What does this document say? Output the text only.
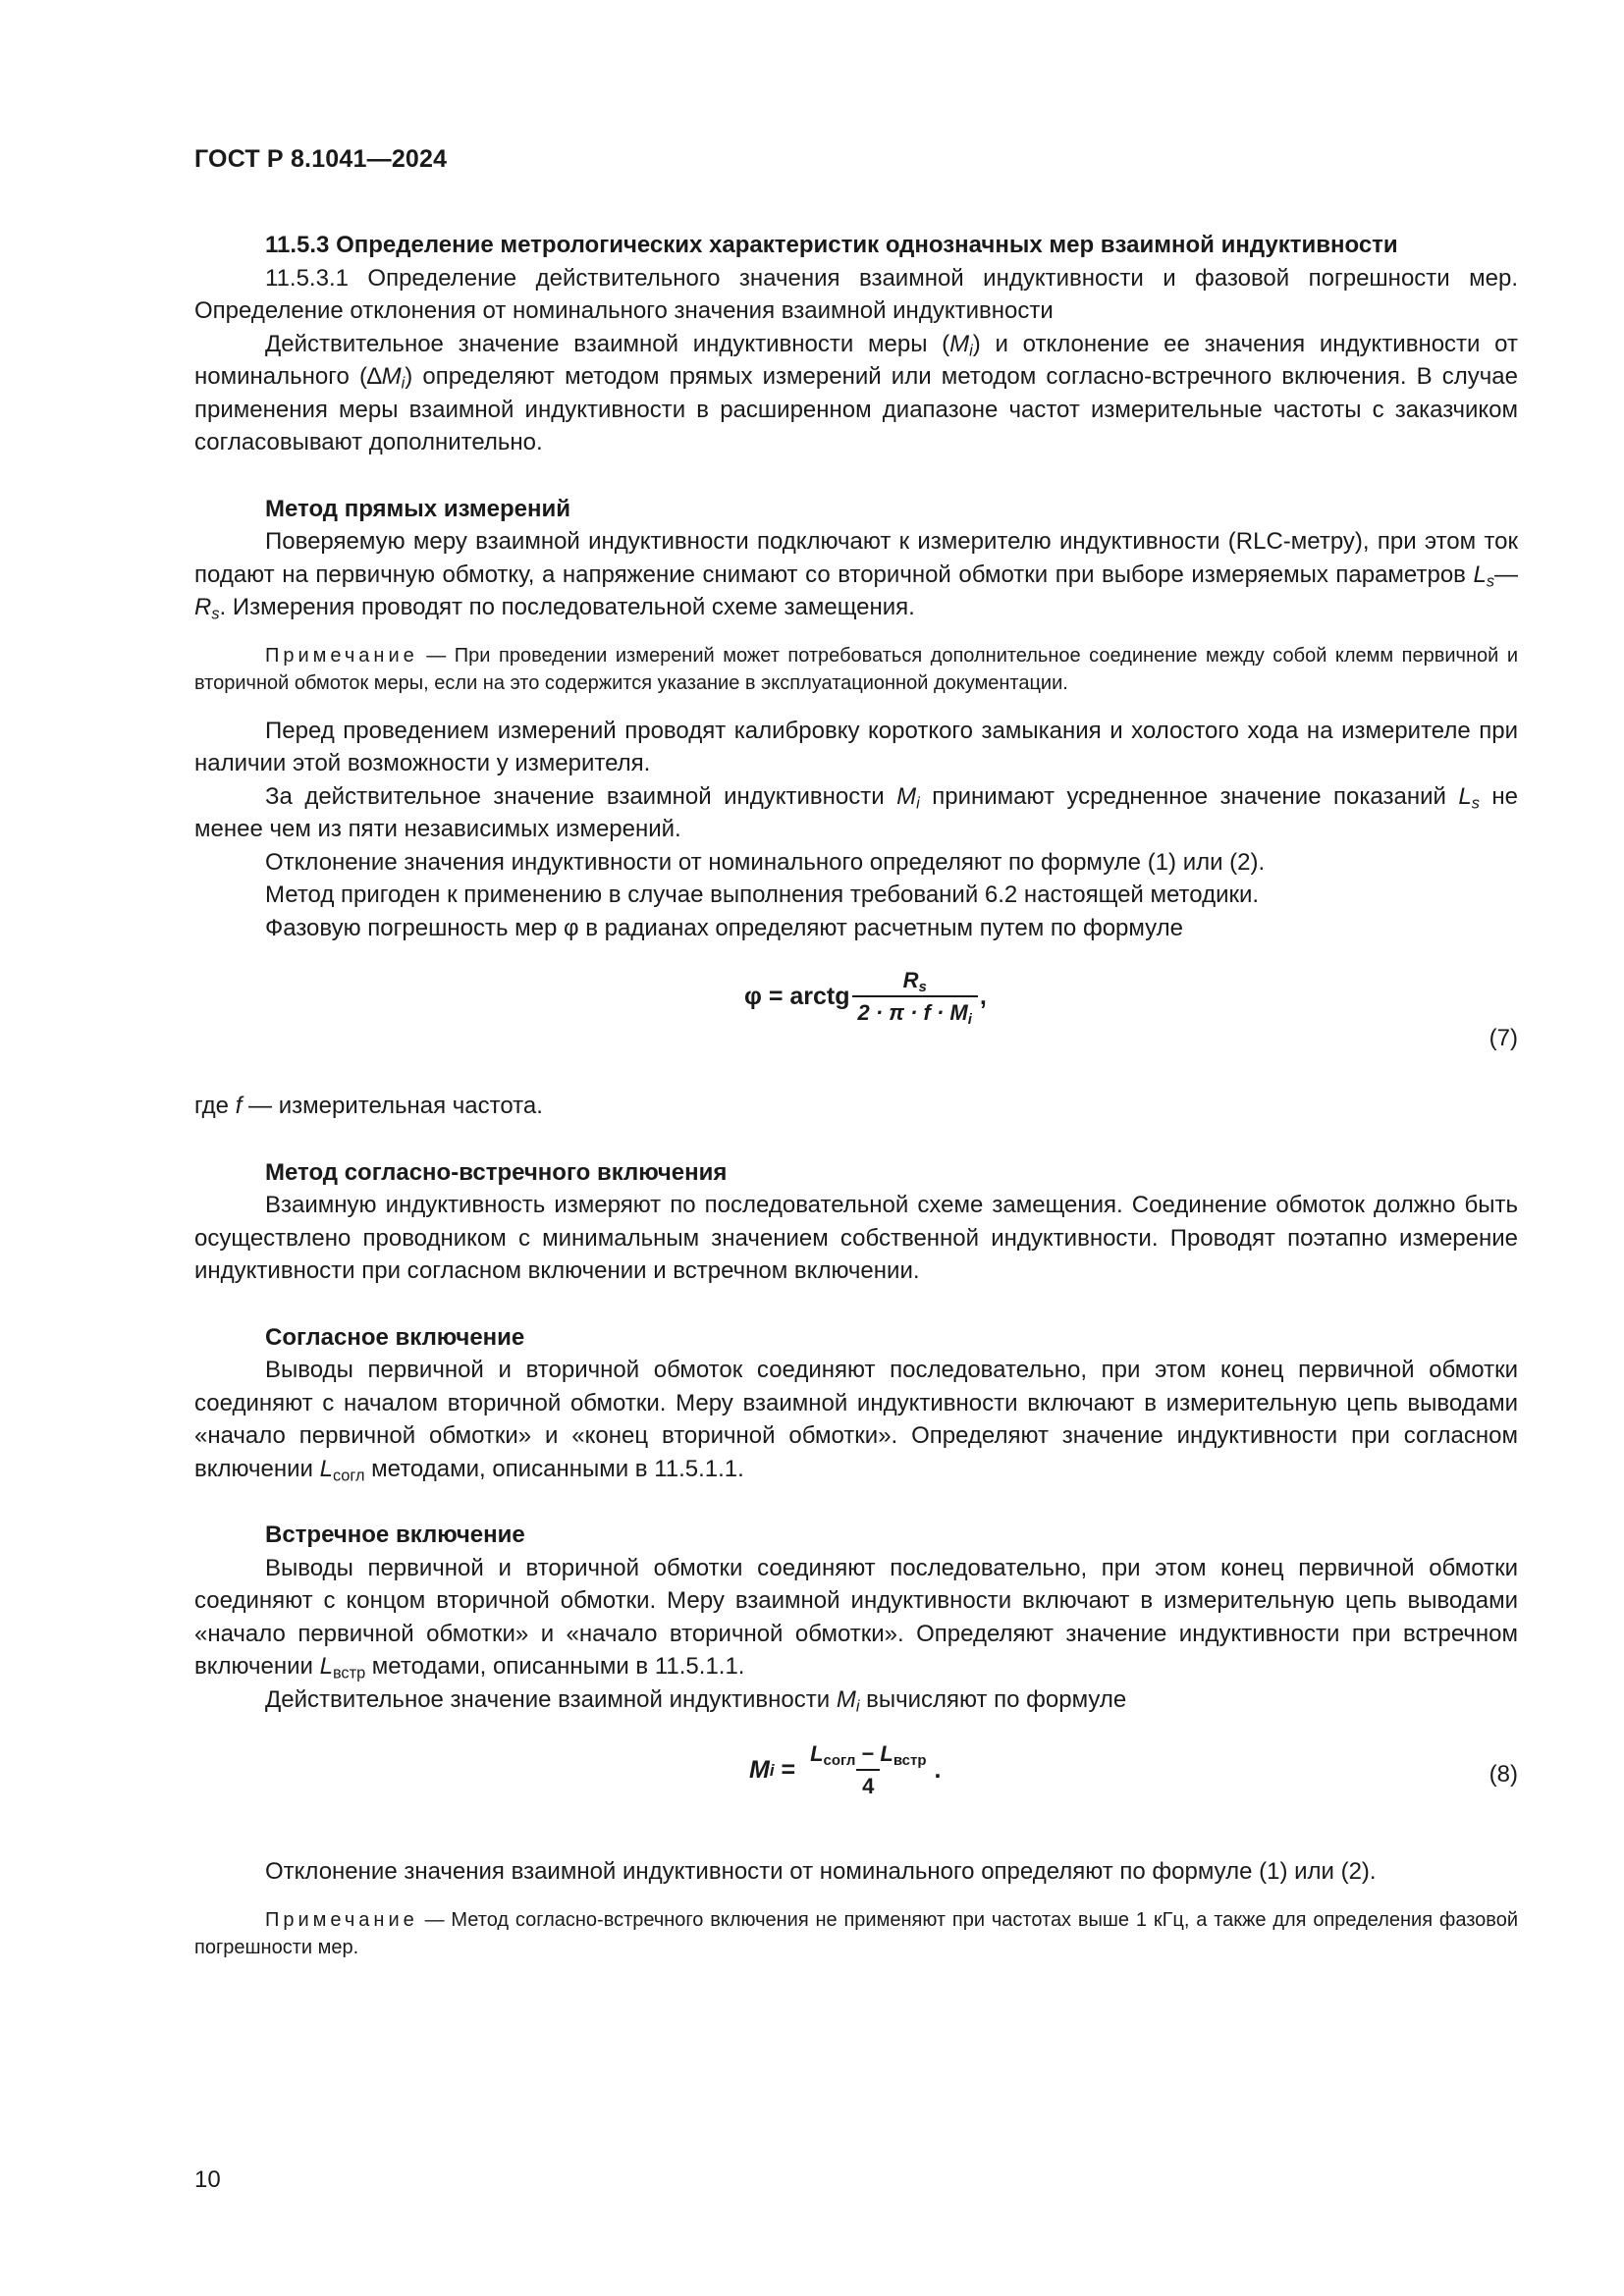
ГОСТ Р 8.1041—2024

11.5.3 Определение метрологических характеристик однозначных мер взаимной индуктивности

11.5.3.1 Определение действительного значения взаимной индуктивности и фазовой погрешности мер. Определение отклонения от номинального значения взаимной индуктивности

Действительное значение взаимной индуктивности меры $(M_i)$ и отклонение ее значения индуктивности от номинального $(\Delta M_i)$ определяют методом прямых измерений или методом согласно-встречного включения. В случае применения меры взаимной индуктивности в расширенном диапазоне частот измерительные частоты с заказчиком согласовывают дополнительно.

Метод прямых измерений

Поверяемую меру взаимной индуктивности подключают к измерителю индуктивности (RLC-метру), при этом ток подают на первичную обмотку, а напряжение снимают со вторичной обмотки при выборе измеряемых параметров $L_s—R_s$. Измерения проводят по последовательной схеме замещения.

Примечание — При проведении измерений может потребоваться дополнительное соединение между собой клемм первичной и вторичной обмоток меры, если на это содержится указание в эксплуатационной документации.

Перед проведением измерений проводят калибровку короткого замыкания и холостого хода на измерителе при наличии этой возможности у измерителя.

За действительное значение взаимной индуктивности $M_i$ принимают усредненное значение показаний $L_s$ не менее чем из пяти независимых измерений.

Отклонение значения индуктивности от номинального определяют по формуле (1) или (2).

Метод пригоден к применению в случае выполнения требований 6.2 настоящей методики.

Фазовую погрешность мер φ в радианах определяют расчетным путем по формуле

φ = arctg $\frac{R_s}{2 \cdot \pi \cdot f \cdot M_i}$ ,
(7)

где f — измерительная частота.

Метод согласно-встречного включения

Взаимную индуктивность измеряют по последовательной схеме замещения. Соединение обмоток должно быть осуществлено проводником с минимальным значением собственной индуктивности. Проводят поэтапно измерение индуктивности при согласном включении и встречном включении.

Согласное включение

Выводы первичной и вторичной обмоток соединяют последовательно, при этом конец первичной обмотки соединяют с началом вторичной обмотки. Меру взаимной индуктивности включают в измерительную цепь выводами «начало первичной обмотки» и «конец вторичной обмотки». Определяют значение индуктивности при согласном включении $L_{согл}$ методами, описанными в 11.5.1.1.

Встречное включение

Выводы первичной и вторичной обмотки соединяют последовательно, при этом конец первичной обмотки соединяют с концом вторичной обмотки. Меру взаимной индуктивности включают в измерительную цепь выводами «начало первичной обмотки» и «начало вторичной обмотки». Определяют значение индуктивности при встречном включении $L_{встр}$ методами, описанными в 11.5.1.1.

Действительное значение взаимной индуктивности $M_i$ вычисляют по формуле

M $i = \frac{L_{согл} - L_{встр}}{4}$ .	(8)

Отклонение значения взаимной индуктивности от номинального определяют по формуле (1) или (2).

Примечание — Метод согласно-встречного включения не применяют при частотах выше 1 кГц, а также для определения фазовой погрешности мер.

10
